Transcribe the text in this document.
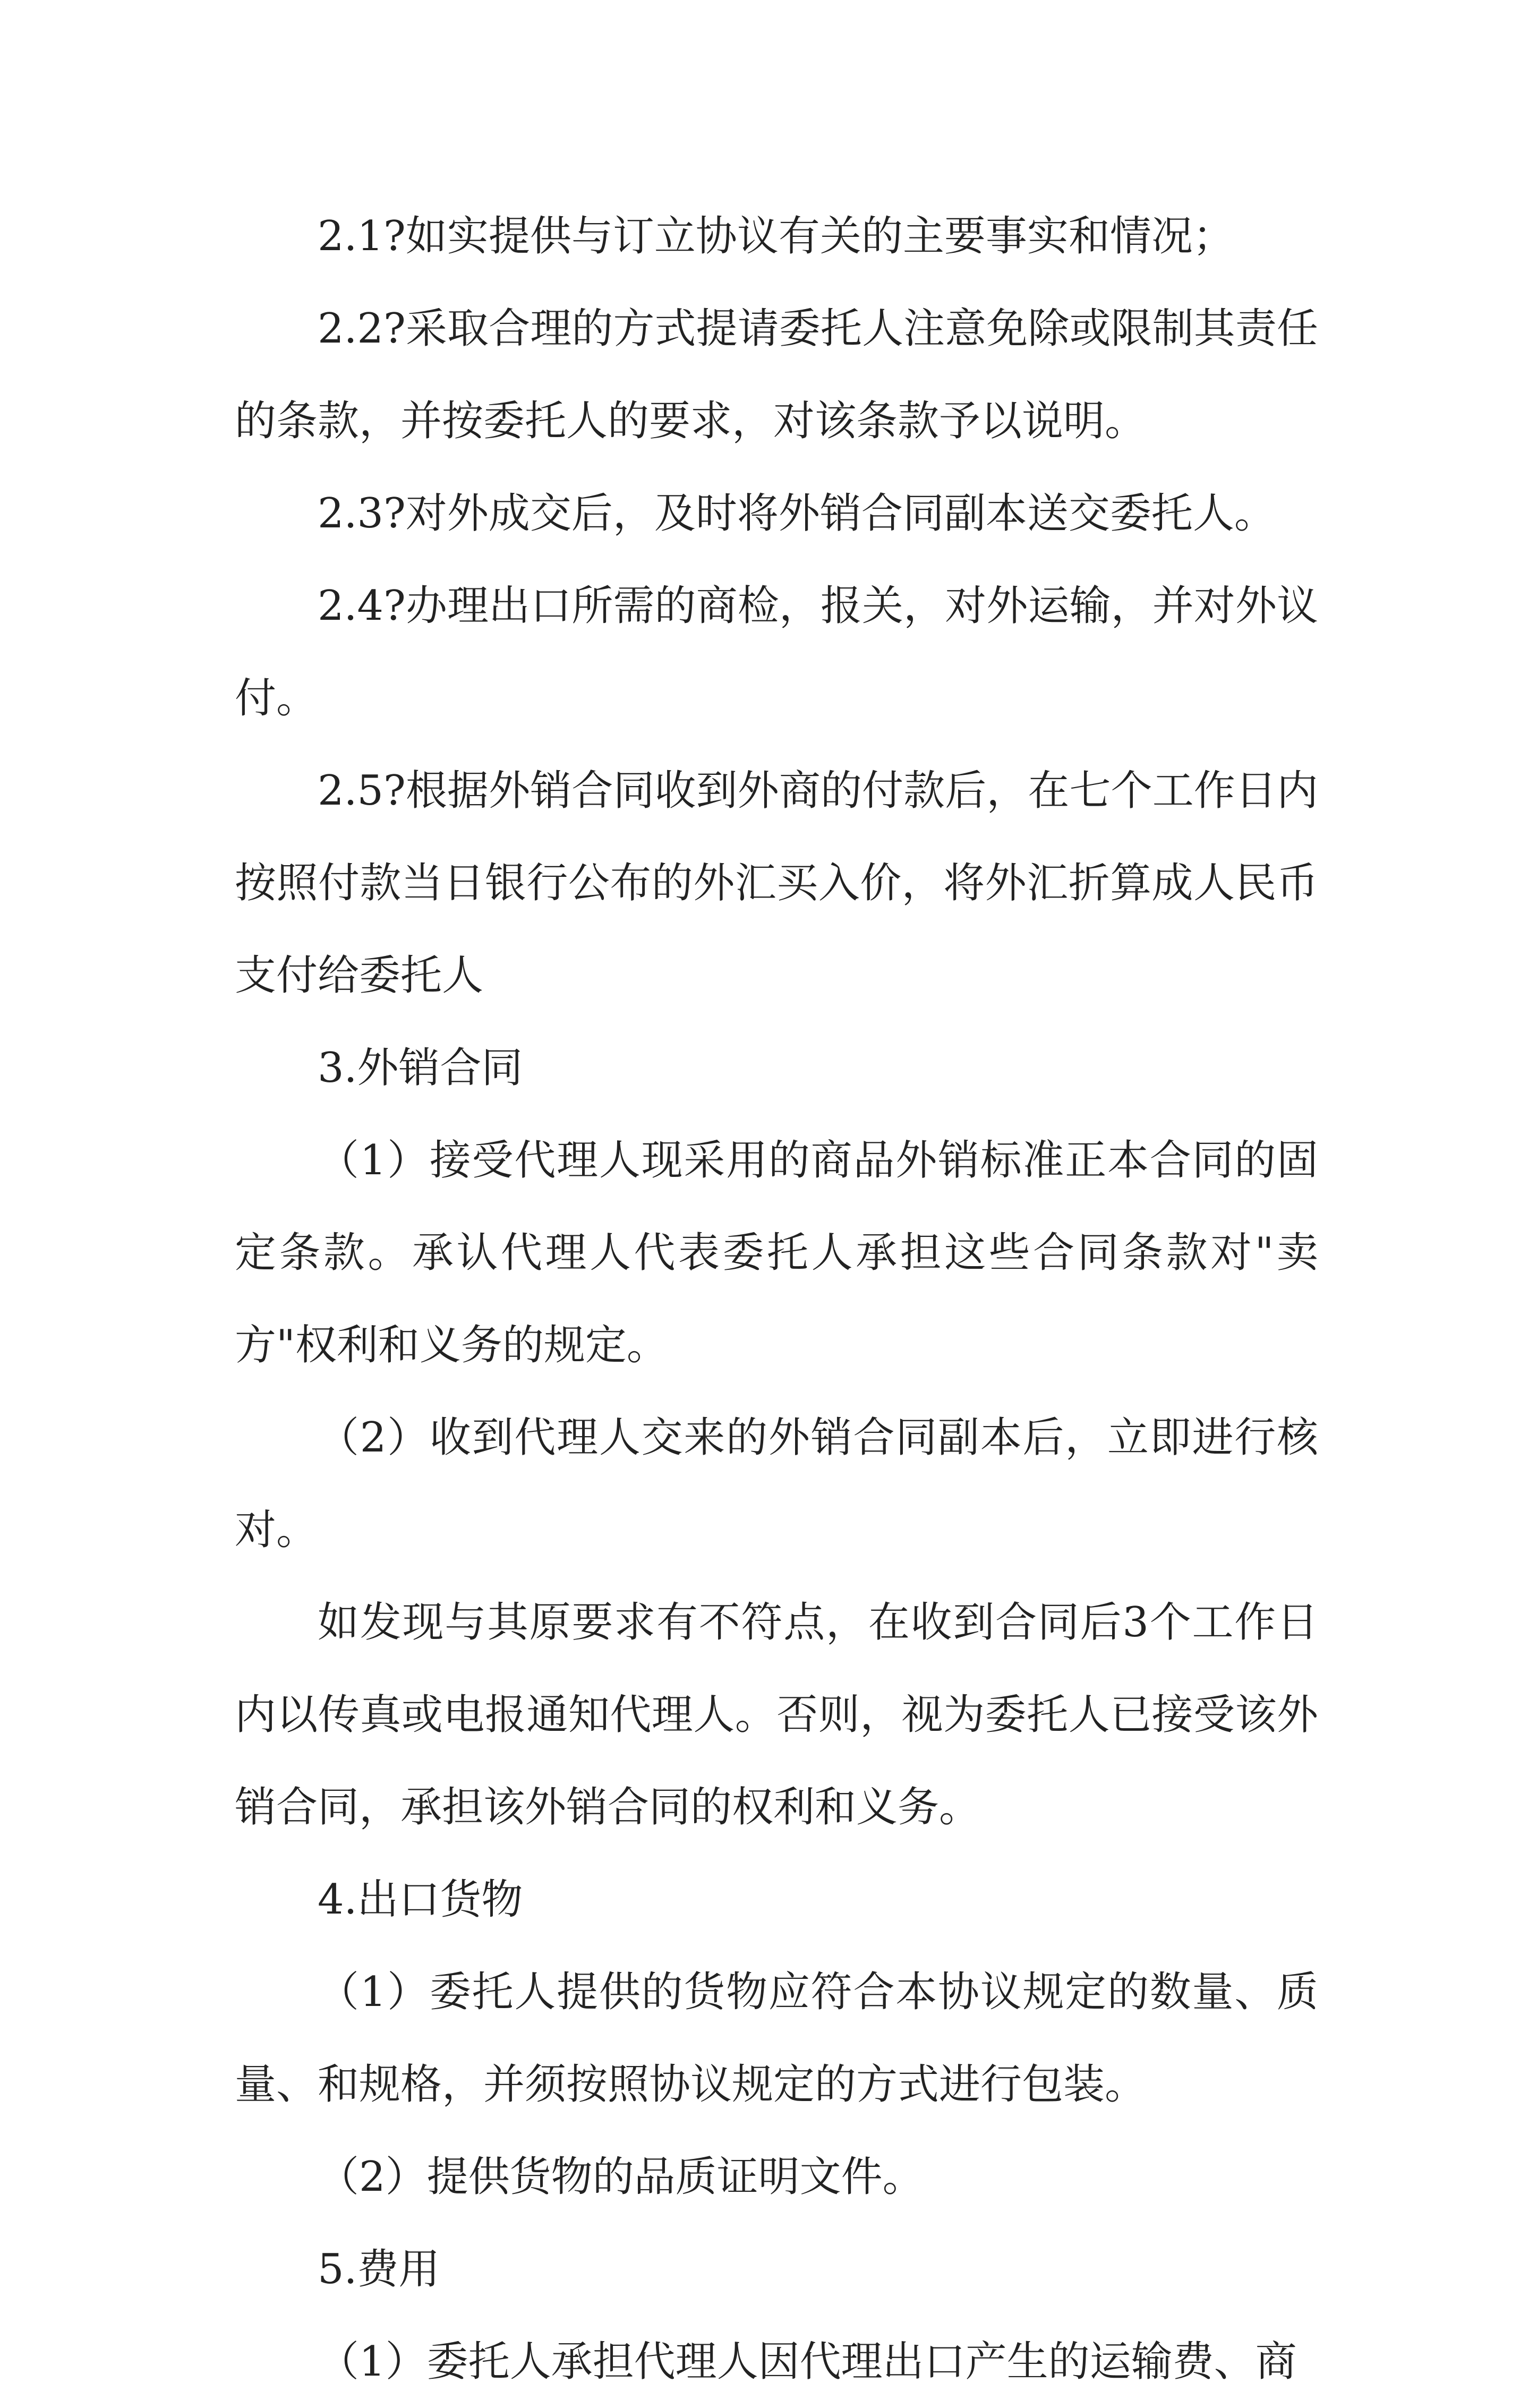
2.1?如实提供与订立协议有关的主要事实和情况；

2.2?采取合理的方式提请委托人注意免除或限制其责任的条款，并按委托人的要求，对该条款予以说明。

2.3?对外成交后，及时将外销合同副本送交委托人。

2.4?办理出口所需的商检，报关，对外运输，并对外议付。

2.5?根据外销合同收到外商的付款后，在七个工作日内按照付款当日银行公布的外汇买入价，将外汇折算成人民币支付给委托人

3.外销合同

（1）接受代理人现采用的商品外销标准正本合同的固定条款。承认代理人代表委托人承担这些合同条款对"卖方"权利和义务的规定。

（2）收到代理人交来的外销合同副本后，立即进行核对。

如发现与其原要求有不符点，在收到合同后3个工作日内以传真或电报通知代理人。否则，视为委托人已接受该外销合同，承担该外销合同的权利和义务。

4.出口货物

（1）委托人提供的货物应符合本协议规定的数量、质量、和规格，并须按照协议规定的方式进行包装。

（2）提供货物的品质证明文件。

5.费用

（1）委托人承担代理人因代理出口产生的运输费、商
